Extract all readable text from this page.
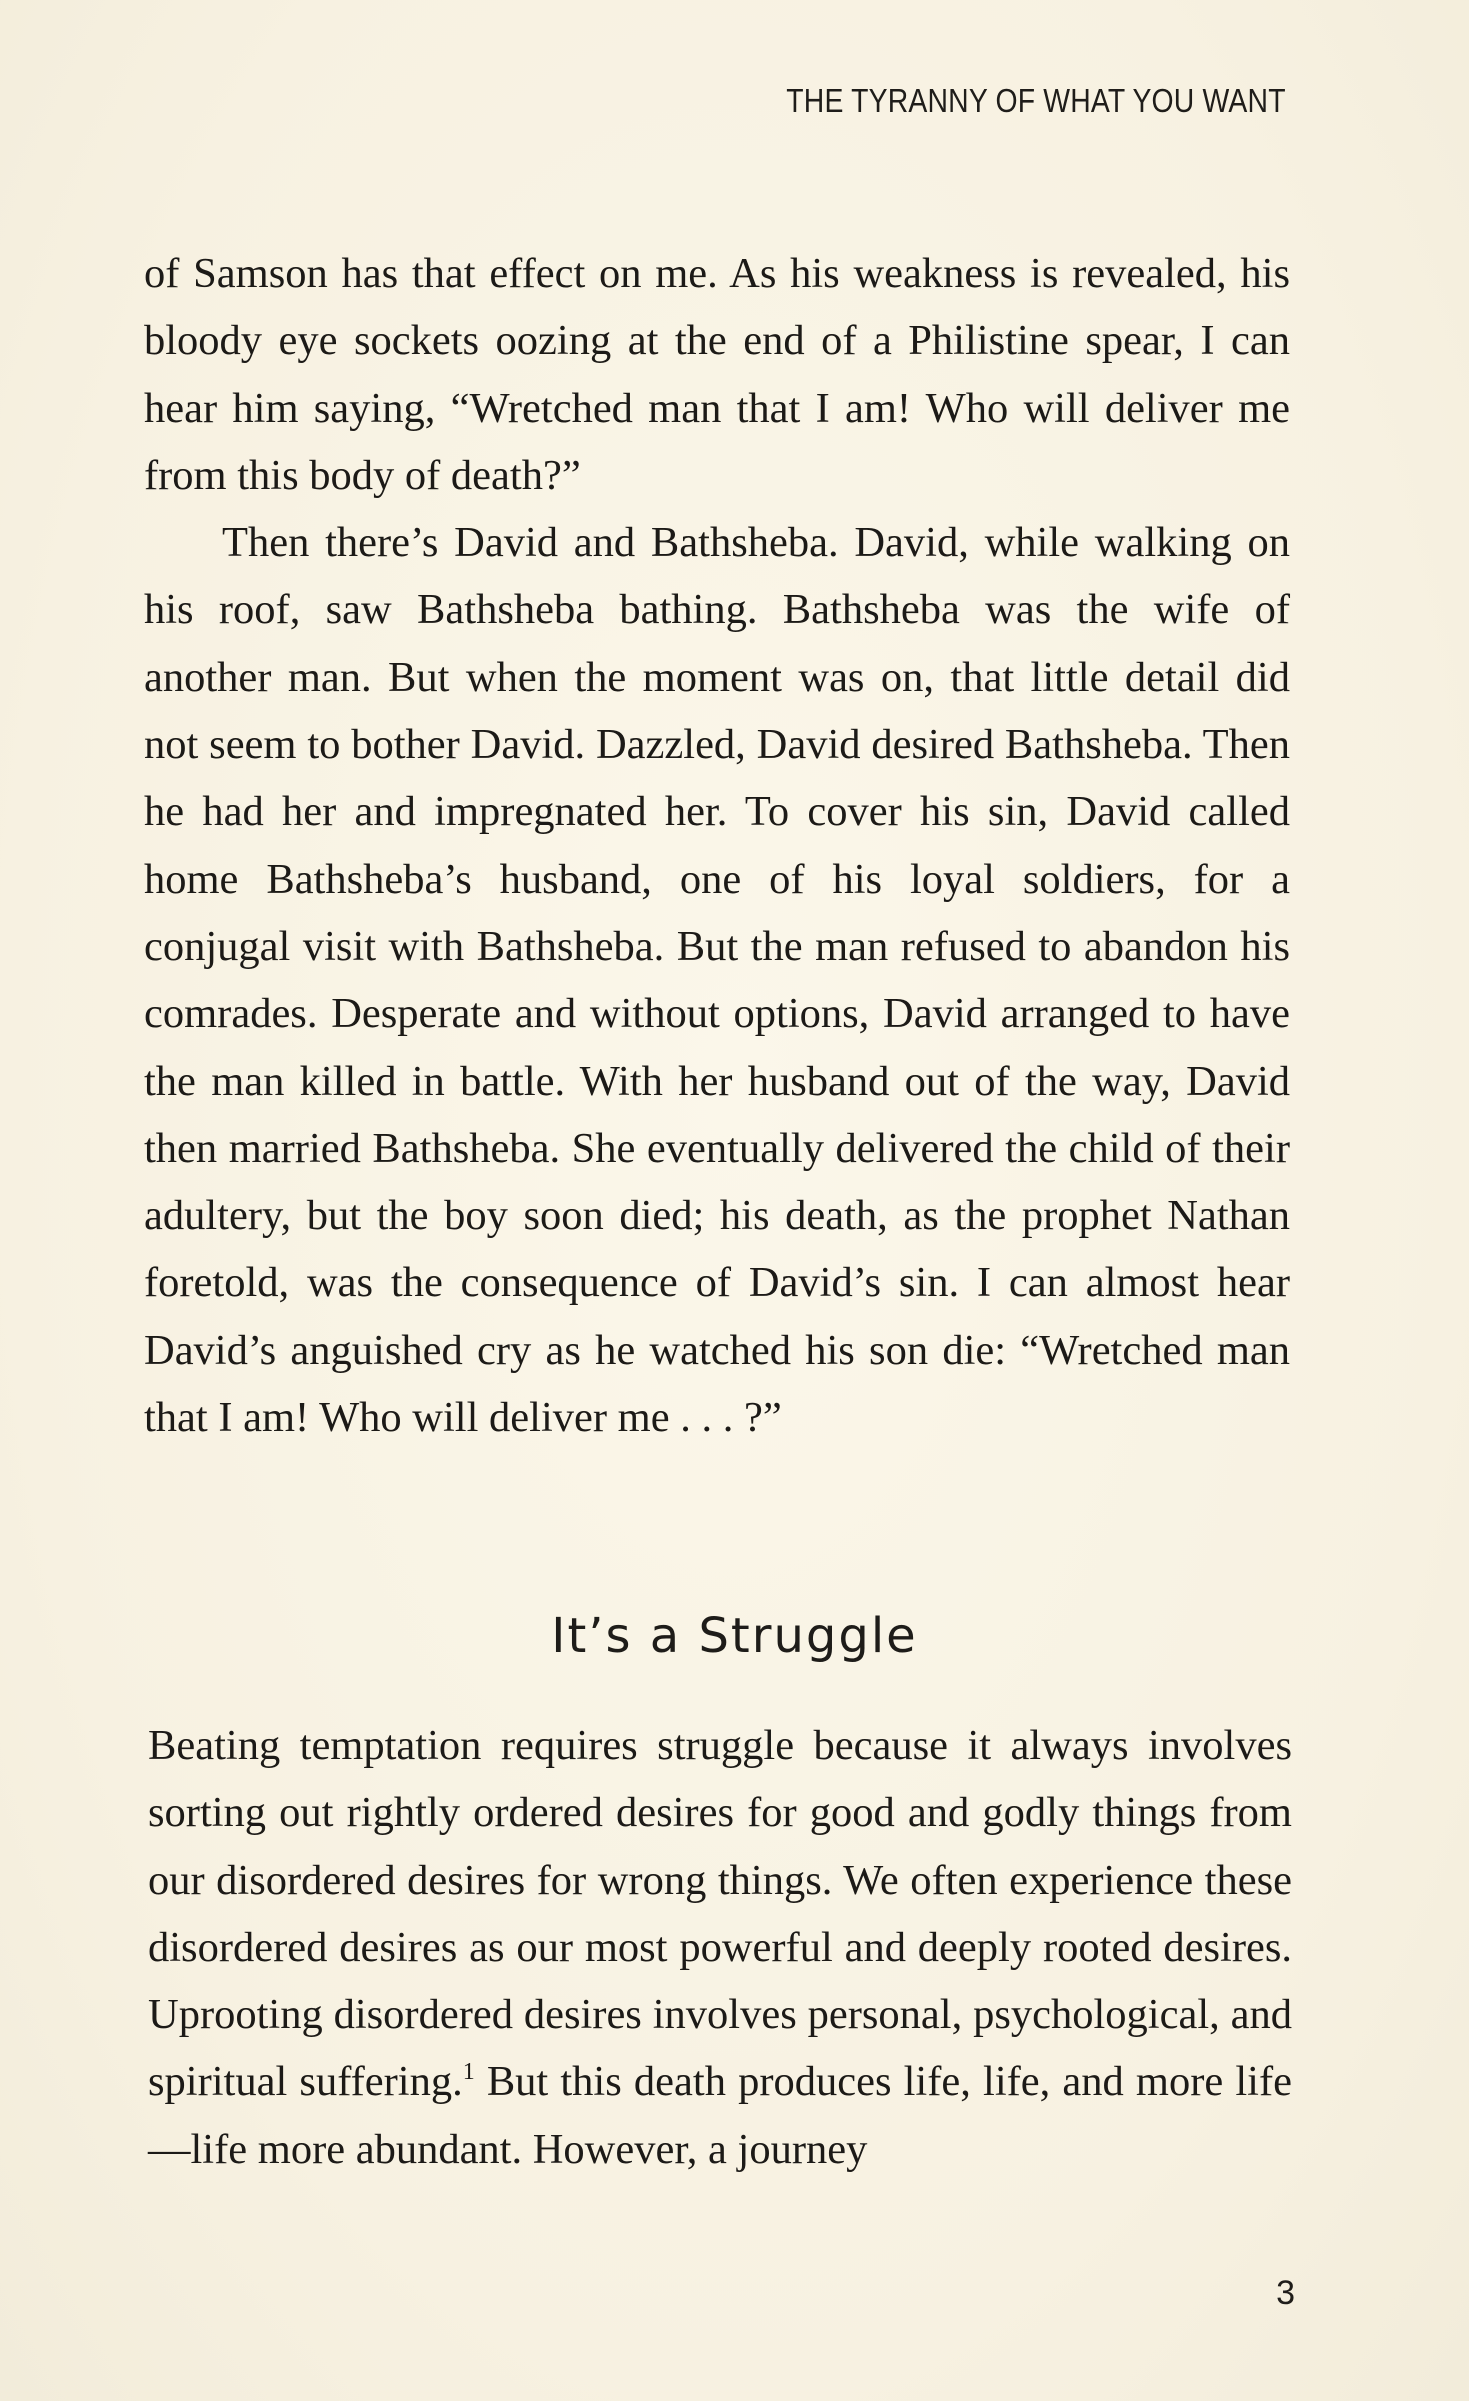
THE TYRANNY OF WHAT YOU WANT

of Samson has that effect on me. As his weakness is revealed, his bloody eye sockets oozing at the end of a Philistine spear, I can hear him saying, “Wretched man that I am! Who will deliver me from this body of death?”

Then there’s David and Bathsheba. David, while walking on his roof, saw Bathsheba bathing. Bathsheba was the wife of another man. But when the moment was on, that little detail did not seem to bother David. Dazzled, David desired Bathsheba. Then he had her and impregnated her. To cover his sin, David called home Bathsheba’s husband, one of his loyal soldiers, for a conjugal visit with Bathsheba. But the man refused to abandon his comrades. Desperate and without options, David arranged to have the man killed in battle. With her husband out of the way, David then married Bathsheba. She eventually delivered the child of their adultery, but the boy soon died; his death, as the prophet Nathan foretold, was the consequence of David’s sin. I can almost hear David’s anguished cry as he watched his son die: “Wretched man that I am! Who will deliver me . . . ?”

It’s a Struggle

Beating temptation requires struggle because it always involves sorting out rightly ordered desires for good and godly things from our disordered desires for wrong things. We often experience these disordered desires as our most powerful and deeply rooted desires. Uprooting disordered desires involves personal, psychological, and spiritual suffering.$^1$ But this death produces life, life, and more life—life more abundant. However, a journey

3
